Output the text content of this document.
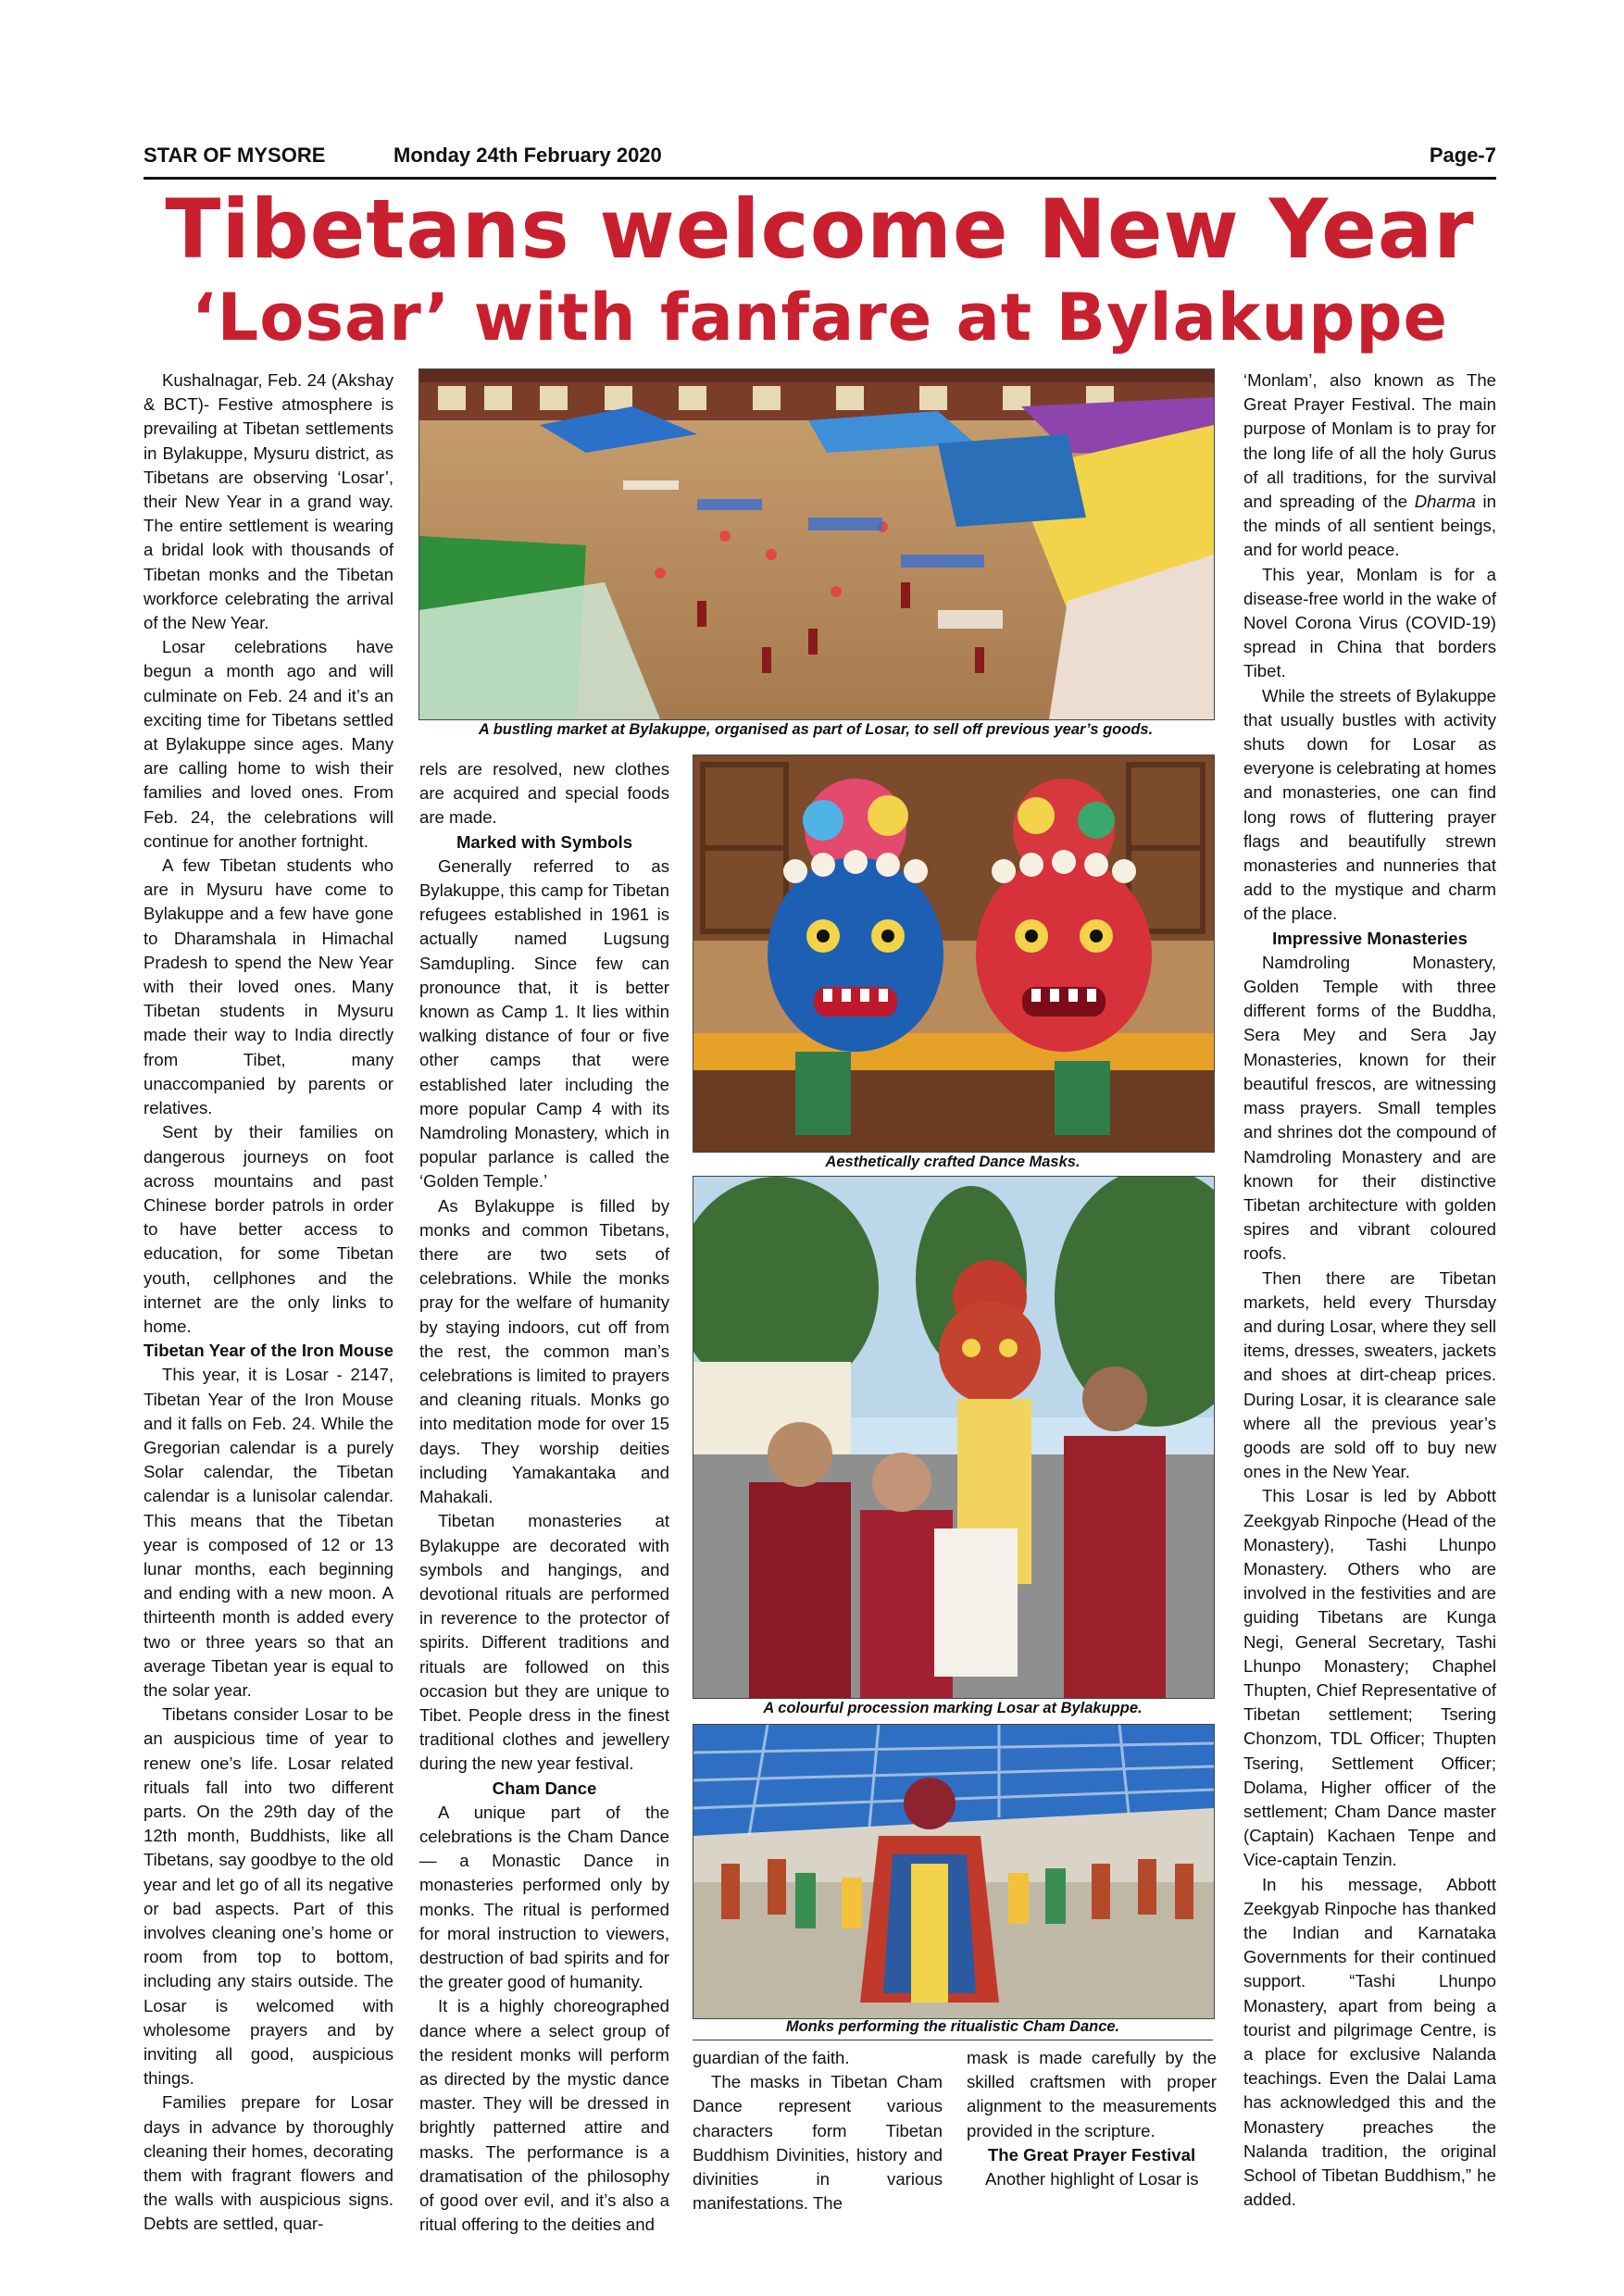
STAR OF MYSORE	Monday 24th February 2020	Page-7
Tibetans welcome New Year
‘Losar’ with fanfare at Bylakuppe

Kushalnagar, Feb. 24 (Akshay & BCT)- Festive atmosphere is prevailing at Tibetan settlements in Bylakuppe, Mysuru district, as Tibetans are observing ‘Losar’, their New Year in a grand way. The entire settlement is wearing a bridal look with thousands of Tibetan monks and the Tibetan workforce celebrating the arrival of the New Year.

Losar celebrations have begun a month ago and will culminate on Feb. 24 and it’s an exciting time for Tibetans settled at Bylakuppe since ages. Many are calling home to wish their families and loved ones. From Feb. 24, the celebrations will continue for another fortnight.

A few Tibetan students who are in Mysuru have come to Bylakuppe and a few have gone to Dharamshala in Himachal Pradesh to spend the New Year with their loved ones. Many Tibetan students in Mysuru made their way to India directly from Tibet, many unaccompanied by parents or relatives.

Sent by their families on dangerous journeys on foot across mountains and past Chinese border patrols in order to have better access to education, for some Tibetan youth, cellphones and the internet are the only links to home.

Tibetan Year of the Iron Mouse

This year, it is Losar - 2147, Tibetan Year of the Iron Mouse and it falls on Feb. 24. While the Gregorian calendar is a purely Solar calendar, the Tibetan calendar is a lunisolar calendar. This means that the Tibetan year is composed of 12 or 13 lunar months, each beginning and ending with a new moon. A thirteenth month is added every two or three years so that an average Tibetan year is equal to the solar year.

Tibetans consider Losar to be an auspicious time of year to renew one’s life. Losar related rituals fall into two different parts. On the 29th day of the 12th month, Buddhists, like all Tibetans, say goodbye to the old year and let go of all its negative or bad aspects. Part of this involves cleaning one’s home or room from top to bottom, including any stairs outside. The Losar is welcomed with wholesome prayers and by inviting all good, auspicious things.

Families prepare for Losar days in advance by thoroughly cleaning their homes, decorating them with fragrant flowers and the walls with auspicious signs. Debts are settled, quar-

A bustling market at Bylakuppe, organised as part of Losar, to sell off previous year’s goods.
Aesthetically crafted Dance Masks.
A colourful procession marking Losar at Bylakuppe.
Monks performing the ritualistic Cham Dance.

rels are resolved, new clothes are acquired and special foods are made.

Marked with Symbols

Generally referred to as Bylakuppe, this camp for Tibetan refugees established in 1961 is actually named Lugsung Samdupling. Since few can pronounce that, it is better known as Camp 1. It lies within walking distance of four or five other camps that were established later including the more popular Camp 4 with its Namdroling Monastery, which in popular parlance is called the ‘Golden Temple.’

As Bylakuppe is filled by monks and common Tibetans, there are two sets of celebrations. While the monks pray for the welfare of humanity by staying indoors, cut off from the rest, the common man’s celebrations is limited to prayers and cleaning rituals. Monks go into meditation mode for over 15 days. They worship deities including Yamakantaka and Mahakali.

Tibetan monasteries at Bylakuppe are decorated with symbols and hangings, and devotional rituals are performed in reverence to the protector of spirits. Different traditions and rituals are followed on this occasion but they are unique to Tibet. People dress in the finest traditional clothes and jewellery during the new year festival.

Cham Dance

A unique part of the celebrations is the Cham Dance — a Monastic Dance in monasteries performed only by monks. The ritual is performed for moral instruction to viewers, destruction of bad spirits and for the greater good of humanity.

It is a highly choreographed dance where a select group of the resident monks will perform as directed by the mystic dance master. They will be dressed in brightly patterned attire and masks. The performance is a dramatisation of the philosophy of good over evil, and it’s also a ritual offering to the deities and

guardian of the faith.

The masks in Tibetan Cham Dance represent various characters form Tibetan Buddhism Divinities, history and divinities in various manifestations. The

mask is made carefully by the skilled craftsmen with proper alignment to the measurements provided in the scripture.

The Great Prayer Festival

Another highlight of Losar is

‘Monlam’, also known as The Great Prayer Festival. The main purpose of Monlam is to pray for the long life of all the holy Gurus of all traditions, for the survival and spreading of the Dharma in the minds of all sentient beings, and for world peace.

This year, Monlam is for a disease-free world in the wake of Novel Corona Virus (COVID-19) spread in China that borders Tibet.

While the streets of Bylakuppe that usually bustles with activity shuts down for Losar as everyone is celebrating at homes and monasteries, one can find long rows of fluttering prayer flags and beautifully strewn monasteries and nunneries that add to the mystique and charm of the place.

Impressive Monasteries

Namdroling Monastery, Golden Temple with three different forms of the Buddha, Sera Mey and Sera Jay Monasteries, known for their beautiful frescos, are witnessing mass prayers. Small temples and shrines dot the compound of Namdroling Monastery and are known for their distinctive Tibetan architecture with golden spires and vibrant coloured roofs.

Then there are Tibetan markets, held every Thursday and during Losar, where they sell items, dresses, sweaters, jackets and shoes at dirt-cheap prices. During Losar, it is clearance sale where all the previous year’s goods are sold off to buy new ones in the New Year.

This Losar is led by Abbott Zeekgyab Rinpoche (Head of the Monastery), Tashi Lhunpo Monastery. Others who are involved in the festivities and are guiding Tibetans are Kunga Negi, General Secretary, Tashi Lhunpo Monastery; Chaphel Thupten, Chief Representative of Tibetan settlement; Tsering Chonzom, TDL Officer; Thupten Tsering, Settlement Officer; Dolama, Higher officer of the settlement; Cham Dance master (Captain) Kachaen Tenpe and Vice-captain Tenzin.

In his message, Abbott Zeekgyab Rinpoche has thanked the Indian and Karnataka Governments for their continued support. “Tashi Lhunpo Monastery, apart from being a tourist and pilgrimage Centre, is a place for exclusive Nalanda teachings. Even the Dalai Lama has acknowledged this and the Monastery preaches the Nalanda tradition, the original School of Tibetan Buddhism,” he added.
